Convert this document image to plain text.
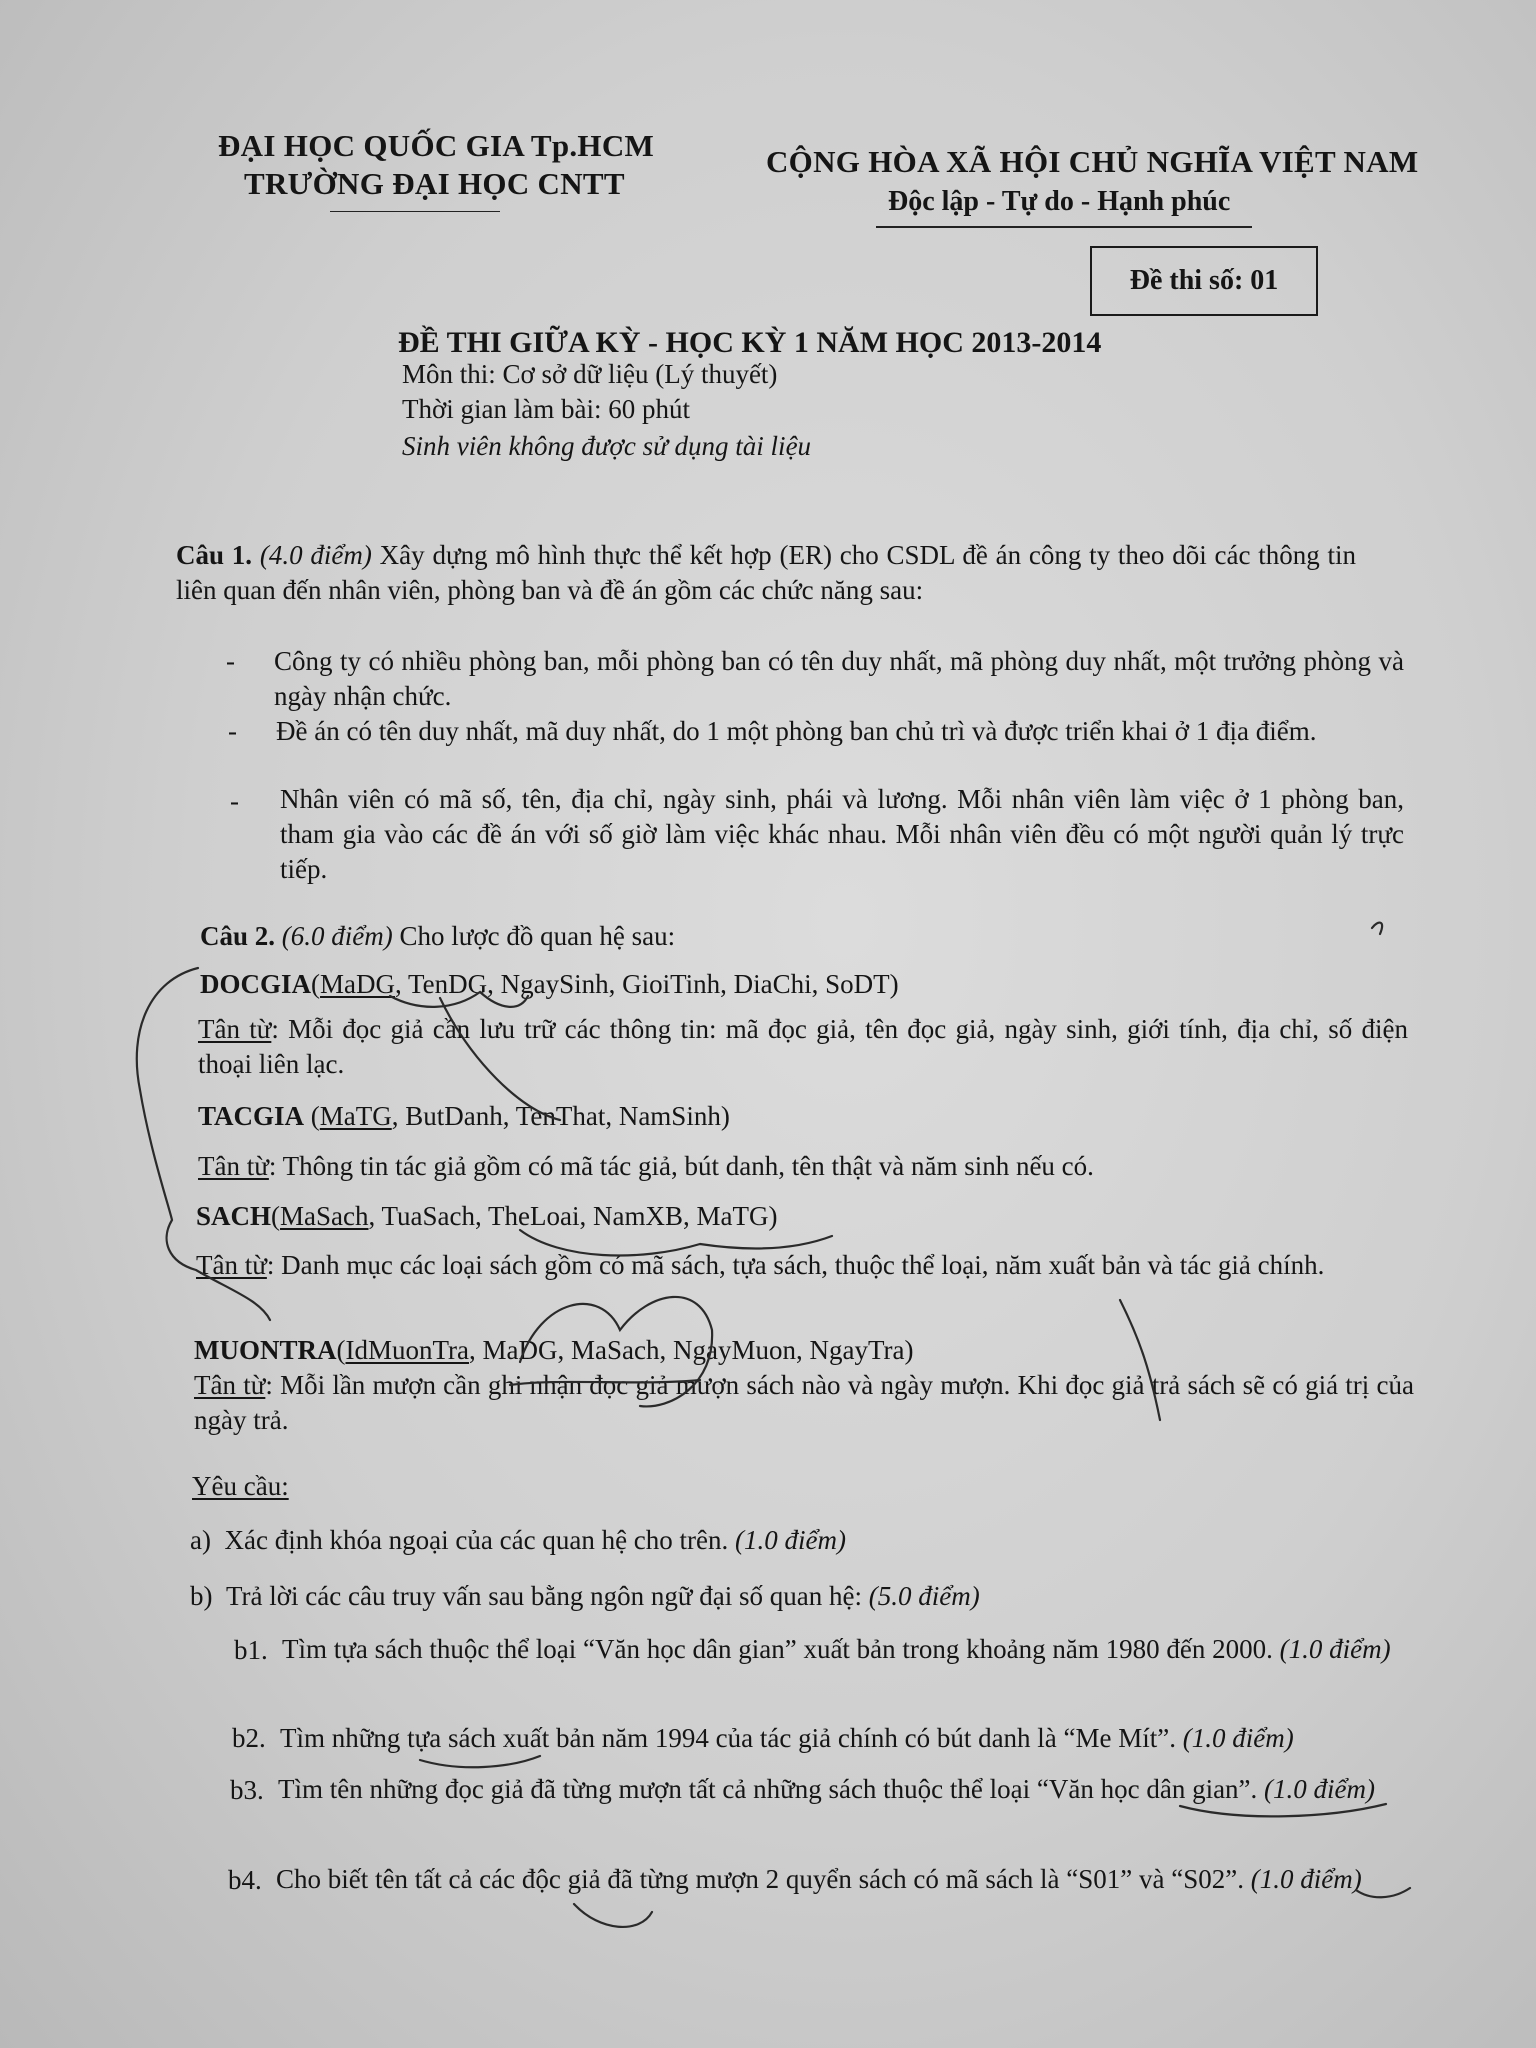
ĐẠI HỌC QUỐC GIA Tp.HCM
TRƯỜNG ĐẠI HỌC CNTT
CỘNG HÒA XÃ HỘI CHỦ NGHĨA VIỆT NAM
Độc lập - Tự do - Hạnh phúc
Đề thi số: 01
ĐỀ THI GIỮA KỲ - HỌC KỲ 1 NĂM HỌC 2013-2014
Môn thi: Cơ sở dữ liệu (Lý thuyết)
Thời gian làm bài: 60 phút
Sinh viên không được sử dụng tài liệu
Câu 1. (4.0 điểm) Xây dựng mô hình thực thể kết hợp (ER) cho CSDL đề án công ty theo dõi các thông tin liên quan đến nhân viên, phòng ban và đề án gồm các chức năng sau:
- Công ty có nhiều phòng ban, mỗi phòng ban có tên duy nhất, mã phòng duy nhất, một trưởng phòng và ngày nhận chức.
- Đề án có tên duy nhất, mã duy nhất, do 1 một phòng ban chủ trì và được triển khai ở 1 địa điểm.
- Nhân viên có mã số, tên, địa chỉ, ngày sinh, phái và lương. Mỗi nhân viên làm việc ở 1 phòng ban, tham gia vào các đề án với số giờ làm việc khác nhau. Mỗi nhân viên đều có một người quản lý trực tiếp.
Câu 2. (6.0 điểm) Cho lược đồ quan hệ sau:
DOCGIA(MaDG, TenDG, NgaySinh, GioiTinh, DiaChi, SoDT)
Tân từ: Mỗi đọc giả cần lưu trữ các thông tin: mã đọc giả, tên đọc giả, ngày sinh, giới tính, địa chỉ, số điện thoại liên lạc.
TACGIA (MaTG, ButDanh, TenThat, NamSinh)
Tân từ: Thông tin tác giả gồm có mã tác giả, bút danh, tên thật và năm sinh nếu có.
SACH(MaSach, TuaSach, TheLoai, NamXB, MaTG)
Tân từ: Danh mục các loại sách gồm có mã sách, tựa sách, thuộc thể loại, năm xuất bản và tác giả chính.
MUONTRA(IdMuonTra, MaDG, MaSach, NgayMuon, NgayTra)
Tân từ: Mỗi lần mượn cần ghi nhận đọc giả mượn sách nào và ngày mượn. Khi đọc giả trả sách sẽ có giá trị của ngày trả.
Yêu cầu:
a) Xác định khóa ngoại của các quan hệ cho trên. (1.0 điểm)
b) Trả lời các câu truy vấn sau bằng ngôn ngữ đại số quan hệ: (5.0 điểm)
b1. Tìm tựa sách thuộc thể loại “Văn học dân gian” xuất bản trong khoảng năm 1980 đến 2000. (1.0 điểm)
b2. Tìm những tựa sách xuất bản năm 1994 của tác giả chính có bút danh là “Me Mít”. (1.0 điểm)
b3. Tìm tên những đọc giả đã từng mượn tất cả những sách thuộc thể loại “Văn học dân gian”. (1.0 điểm)
b4. Cho biết tên tất cả các độc giả đã từng mượn 2 quyển sách có mã sách là “S01” và “S02”. (1.0 điểm)
